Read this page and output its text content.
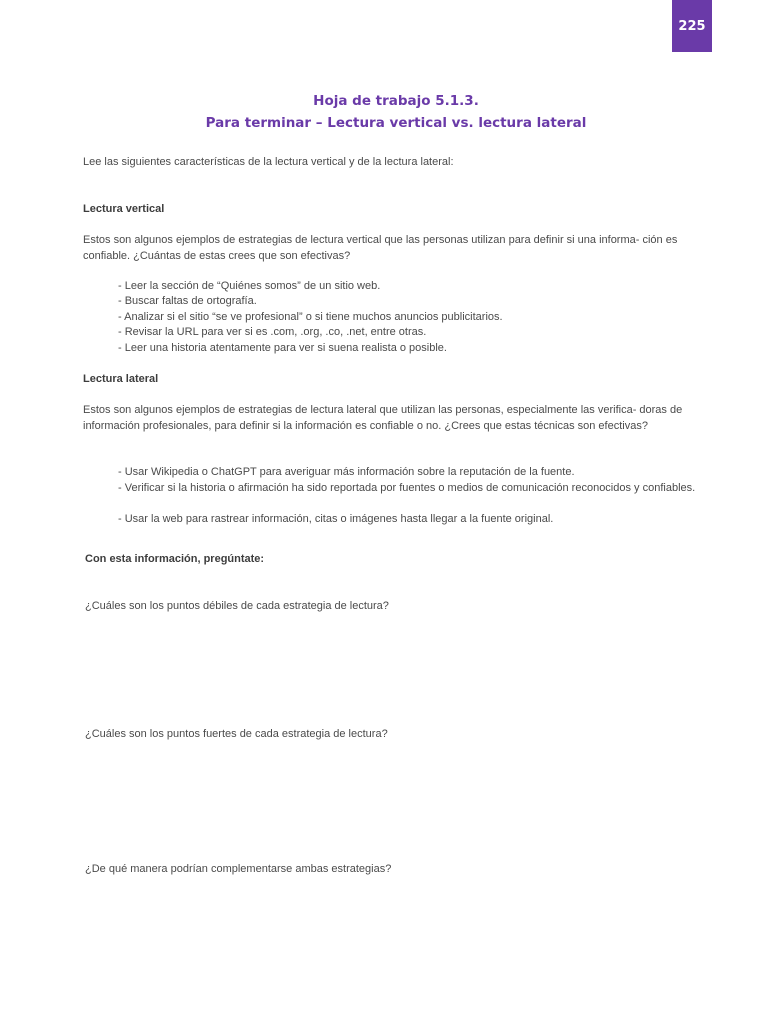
225
Hoja de trabajo 5.1.3.
Para terminar – Lectura vertical vs. lectura lateral
Lee las siguientes características de la lectura vertical y de la lectura lateral:
Lectura vertical
Estos son algunos ejemplos de estrategias de lectura vertical que las personas utilizan para definir si una informa- ción es confiable. ¿Cuántas de estas crees que son efectivas?
- Leer la sección de “Quiénes somos” de un sitio web.
- Buscar faltas de ortografía.
- Analizar si el sitio “se ve profesional” o si tiene muchos anuncios publicitarios.
- Revisar la URL para ver si es .com, .org, .co, .net, entre otras.
- Leer una historia atentamente para ver si suena realista o posible.
Lectura lateral
Estos son algunos ejemplos de estrategias de lectura lateral que utilizan las personas, especialmente las verifica- doras de información profesionales, para definir si la información es confiable o no. ¿Crees que estas técnicas son efectivas?
- Usar Wikipedia o ChatGPT para averiguar más información sobre la reputación de la fuente.
- Verificar si la historia o afirmación ha sido reportada por fuentes o medios de comunicación reconocidos y confiables.
- Usar la web para rastrear información, citas o imágenes hasta llegar a la fuente original.
Con esta información, pregúntate:
¿Cuáles son los puntos débiles de cada estrategia de lectura?
¿Cuáles son los puntos fuertes de cada estrategia de lectura?
¿De qué manera podrían complementarse ambas estrategias?
